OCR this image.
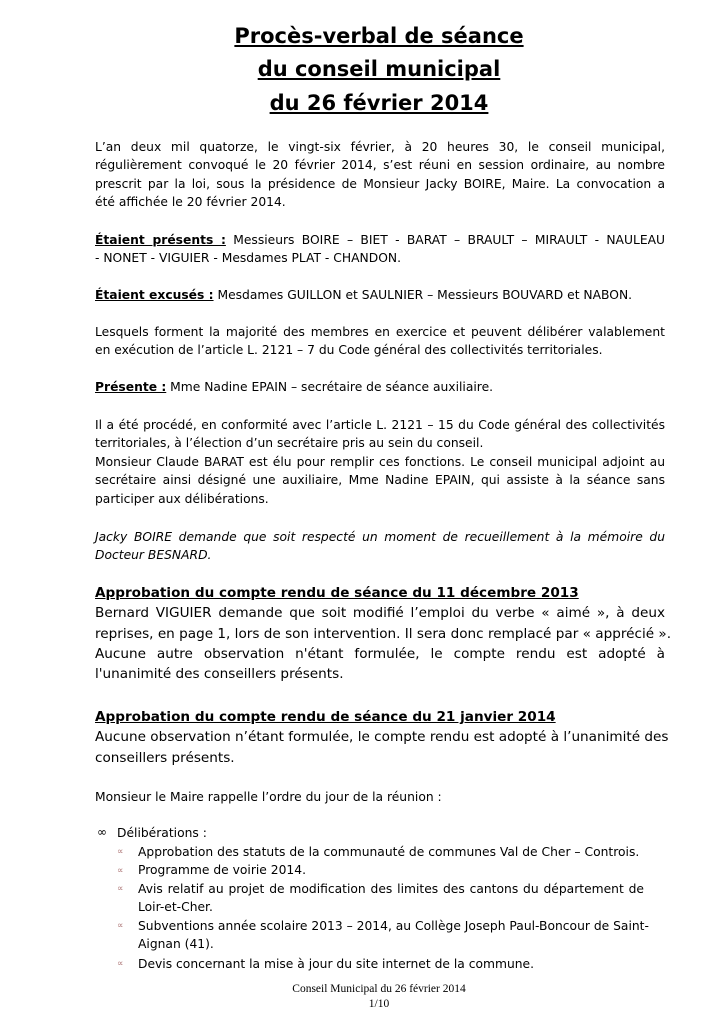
Procès-verbal de séance
du conseil municipal
du 26 février 2014
L’an deux mil quatorze, le vingt-six février, à 20 heures 30, le conseil municipal,
régulièrement convoqué le 20 février 2014, s’est réuni en session ordinaire, au nombre
prescrit par la loi, sous la présidence de Monsieur Jacky BOIRE, Maire. La convocation a
été affichée le 20 février 2014.
Étaient présents : Messieurs BOIRE – BIET - BARAT – BRAULT – MIRAULT - NAULEAU
- NONET - VIGUIER - Mesdames PLAT - CHANDON.
Étaient excusés : Mesdames GUILLON et SAULNIER – Messieurs BOUVARD et NABON.
Lesquels forment la majorité des membres en exercice et peuvent délibérer valablement
en exécution de l’article L. 2121 – 7 du Code général des collectivités territoriales.
Présente : Mme Nadine EPAIN – secrétaire de séance auxiliaire.
Il a été procédé, en conformité avec l’article L. 2121 – 15 du Code général des collectivités
territoriales, à l’élection d’un secrétaire pris au sein du conseil.
Monsieur Claude BARAT est élu pour remplir ces fonctions. Le conseil municipal adjoint au
secrétaire ainsi désigné une auxiliaire, Mme Nadine EPAIN, qui assiste à la séance sans
participer aux délibérations.
Jacky BOIRE demande que soit respecté un moment de recueillement à la mémoire du
Docteur BESNARD.
Approbation du compte rendu de séance du 11 décembre 2013
Bernard VIGUIER demande que soit modifié l’emploi du verbe « aimé », à deux
reprises, en page 1, lors de son intervention. Il sera donc remplacé par « apprécié ».
Aucune autre observation n'étant formulée, le compte rendu est adopté à
l'unanimité des conseillers présents.
Approbation du compte rendu de séance du 21 janvier 2014
Aucune observation n’étant formulée, le compte rendu est adopté à l’unanimité des
conseillers présents.
Monsieur le Maire rappelle l’ordre du jour de la réunion :
∞ Délibérations :
∝ Approbation des statuts de la communauté de communes Val de Cher – Controis.
∝ Programme de voirie 2014.
∝ Avis relatif au projet de modification des limites des cantons du département de
Loir-et-Cher.
∝ Subventions année scolaire 2013 – 2014, au Collège Joseph Paul-Boncour de Saint-
Aignan (41).
∝ Devis concernant la mise à jour du site internet de la commune.
Conseil Municipal du 26 février 2014
1/10
